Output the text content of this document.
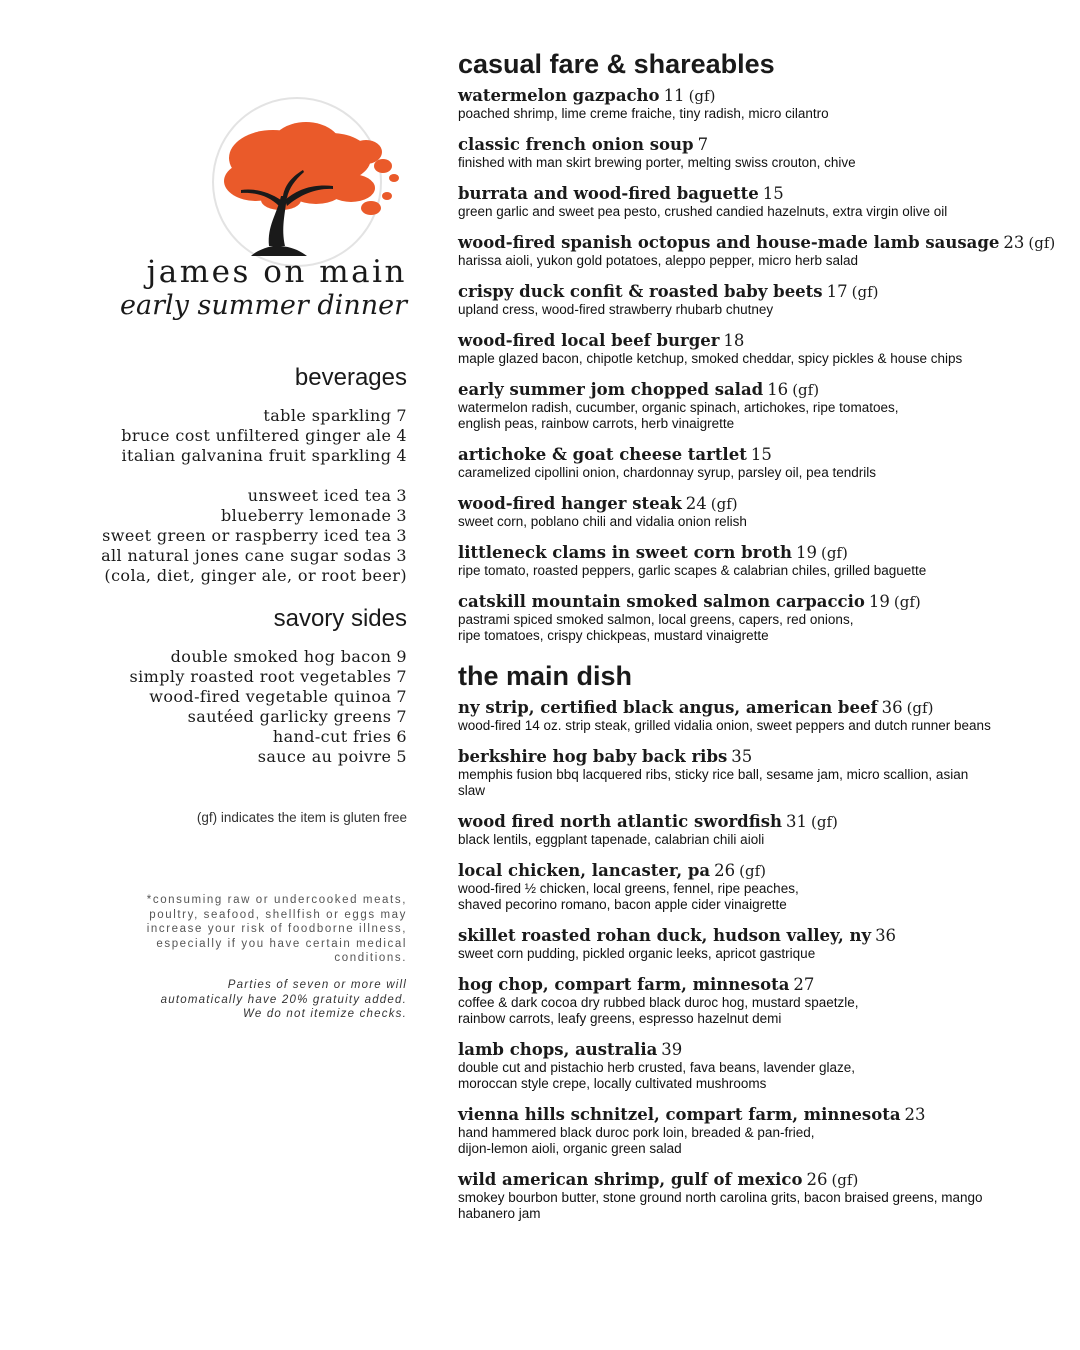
james on main
early summer dinner
beverages
table sparkling 7
bruce cost unfiltered ginger ale 4
italian galvanina fruit sparkling 4
unsweet iced tea 3
blueberry lemonade 3
sweet green or raspberry iced tea 3
all natural jones cane sugar sodas 3
(cola, diet, ginger ale, or root beer)
savory sides
double smoked hog bacon 9
simply roasted root vegetables 7
wood-fired vegetable quinoa 7
sautéed garlicky greens 7
hand-cut fries 6
sauce au poivre 5
(gf) indicates the item is gluten free
*consuming raw or undercooked meats,
poultry, seafood, shellfish or eggs may
increase your risk of foodborne illness,
especially if you have certain medical
conditions.
Parties of seven or more will
automatically have 20% gratuity added.
We do not itemize checks.
casual fare & shareables
watermelon gazpacho 11 (gf)
poached shrimp, lime creme fraiche, tiny radish, micro cilantro
classic french onion soup 7
finished with man skirt brewing porter, melting swiss crouton, chive
burrata and wood-fired baguette 15
green garlic and sweet pea pesto, crushed candied hazelnuts, extra virgin olive oil
wood-fired spanish octopus and house-made lamb sausage 23 (gf)
harissa aioli, yukon gold potatoes, aleppo pepper, micro herb salad
crispy duck confit & roasted baby beets 17 (gf)
upland cress, wood-fired strawberry rhubarb chutney
wood-fired local beef burger 18
maple glazed bacon, chipotle ketchup, smoked cheddar, spicy pickles & house chips
early summer jom chopped salad 16 (gf)
watermelon radish, cucumber, organic spinach, artichokes, ripe tomatoes,
english peas, rainbow carrots, herb vinaigrette
artichoke & goat cheese tartlet 15
caramelized cipollini onion, chardonnay syrup, parsley oil, pea tendrils
wood-fired hanger steak 24 (gf)
sweet corn, poblano chili and vidalia onion relish
littleneck clams in sweet corn broth 19 (gf)
ripe tomato, roasted peppers, garlic scapes & calabrian chiles, grilled baguette
catskill mountain smoked salmon carpaccio 19 (gf)
pastrami spiced smoked salmon, local greens, capers, red onions,
ripe tomatoes, crispy chickpeas, mustard vinaigrette
the main dish
ny strip, certified black angus, american beef 36 (gf)
wood-fired 14 oz. strip steak, grilled vidalia onion, sweet peppers and dutch runner beans
berkshire hog baby back ribs 35
memphis fusion bbq lacquered ribs, sticky rice ball, sesame jam, micro scallion, asian
slaw
wood fired north atlantic swordfish 31 (gf)
black lentils, eggplant tapenade, calabrian chili aioli
local chicken, lancaster, pa 26 (gf)
wood-fired ½ chicken, local greens, fennel, ripe peaches,
shaved pecorino romano, bacon apple cider vinaigrette
skillet roasted rohan duck, hudson valley, ny 36
sweet corn pudding, pickled organic leeks, apricot gastrique
hog chop, compart farm, minnesota 27
coffee & dark cocoa dry rubbed black duroc hog, mustard spaetzle,
rainbow carrots, leafy greens, espresso hazelnut demi
lamb chops, australia 39
double cut and pistachio herb crusted, fava beans, lavender glaze,
moroccan style crepe, locally cultivated mushrooms
vienna hills schnitzel, compart farm, minnesota 23
hand hammered black duroc pork loin, breaded & pan-fried,
dijon-lemon aioli, organic green salad
wild american shrimp, gulf of mexico 26 (gf)
smokey bourbon butter, stone ground north carolina grits, bacon braised greens, mango
habanero jam
